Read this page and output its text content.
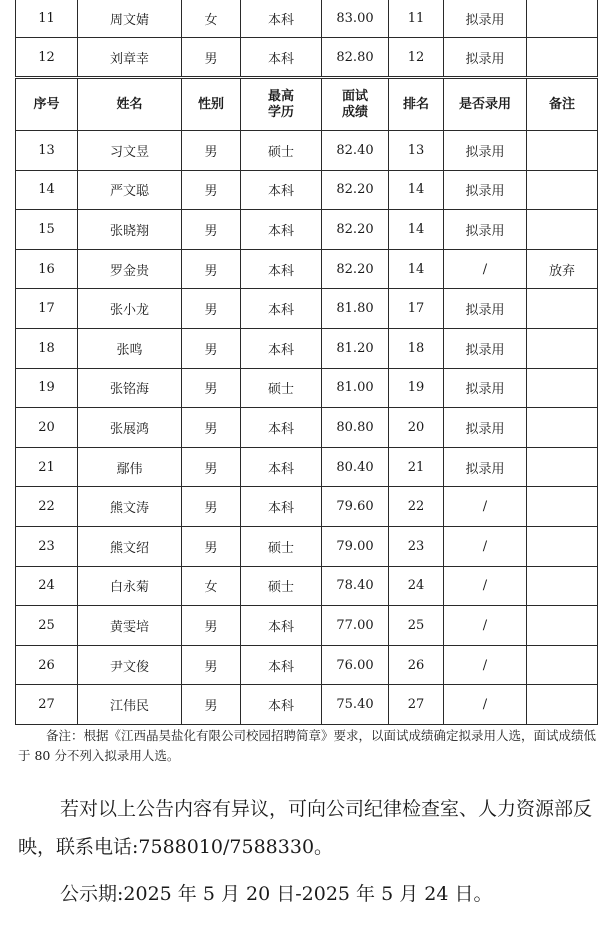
11	周文婧	女	本科	83.00	11	拟录用	
12	刘章幸	男	本科	82.80	12	拟录用	
序号	姓名	性别	最高学历	面试成绩	排名	是否录用	备注
13	习文昱	男	硕士	82.40	13	拟录用	
14	严文聪	男	本科	82.20	14	拟录用	
15	张晓翔	男	本科	82.20	14	拟录用	
16	罗金贵	男	本科	82.20	14	/	放弃
17	张小龙	男	本科	81.80	17	拟录用	
18	张鸣	男	本科	81.20	18	拟录用	
19	张铭海	男	硕士	81.00	19	拟录用	
20	张展鸿	男	本科	80.80	20	拟录用	
21	鄢伟	男	本科	80.40	21	拟录用	
22	熊文涛	男	本科	79.60	22	/	
23	熊文绍	男	硕士	79.00	23	/	
24	白永菊	女	硕士	78.40	24	/	
25	黄雯培	男	本科	77.00	25	/	
26	尹文俊	男	本科	76.00	26	/	
27	江伟民	男	本科	75.40	27	/	
备注：根据《江西晶昊盐化有限公司校园招聘简章》要求，以面试成绩确定拟录用人选，面试成绩低于 80 分不列入拟录用人选。
若对以上公告内容有异议，可向公司纪律检查室、人力资源部反映，联系电话:7588010/7588330。
公示期:2025 年 5 月 20 日-2025 年 5 月 24 日。
